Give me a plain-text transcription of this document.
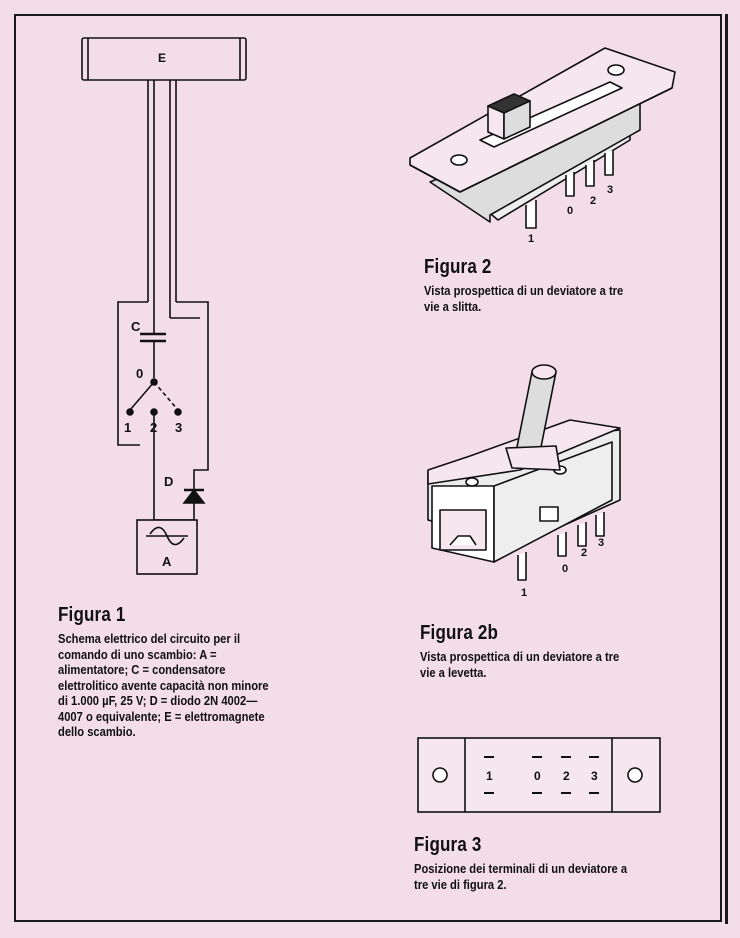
E
C
0
1 2 3
D
A
1
0
2
3
1
0
2
3
1	0 2 3
Figura 1
Schema elettrico del circuito per il comando di uno scambio: A = alimentatore; C = condensatore elettrolitico avente capacità non minore di 1.000 µF, 25 V; D = diodo 2N 4002—4007 o equivalente; E = elettromagnete dello scambio.
Figura 2
Vista prospettica di un deviatore a tre vie a slitta.
Figura 2b
Vista prospettica di un deviatore a tre vie a levetta.
Figura 3
Posizione dei terminali di un deviatore a tre vie di figura 2.
